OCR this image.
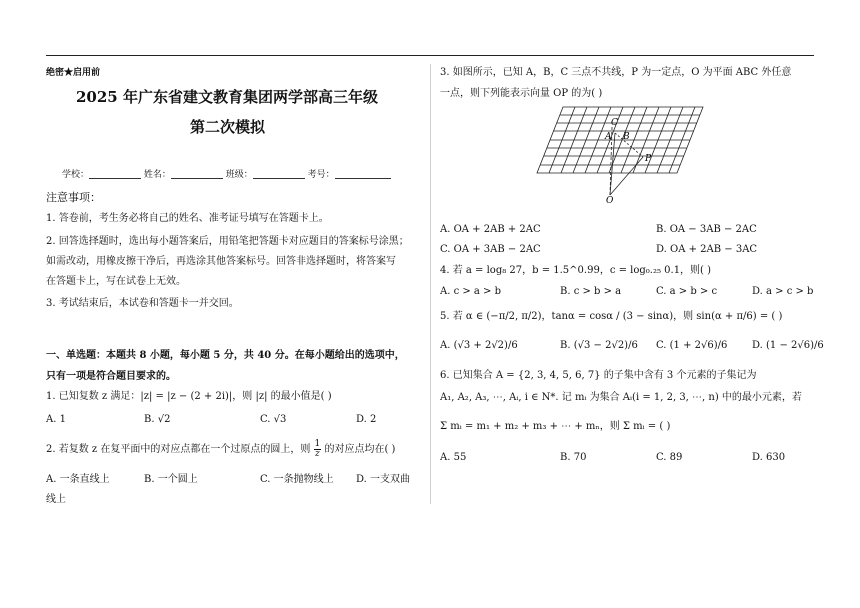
绝密★启用前
2025 年广东省建文教育集团两学部高三年级
第二次模拟
学校：	姓名：	班级：	考号：
注意事项：
1. 答卷前，考生务必将自己的姓名、准考证号填写在答题卡上。
2. 回答选择题时，选出每小题答案后，用铅笔把答题卡对应题目的答案标号涂黑；
如需改动，用橡皮擦干净后，再选涂其他答案标号。回答非选择题时，将答案写
在答题卡上，写在试卷上无效。
3. 考试结束后，本试卷和答题卡一并交回。
一、单选题：本题共 8 小题，每小题 5 分，共 40 分。在每小题给出的选项中，
只有一项是符合题目要求的。
1. 已知复数 z 满足：|z| = |z − (2 + 2i)|，则 |z| 的最小值是( )
A. 1	B. √2	C. √3	D. 2
2. 若复数 z 在复平面中的对应点都在一个过原点的圆上，则 $\frac{1}{z}$ 的对应点均在( )
A. 一条直线上	B. 一个圆上	C. 一条抛物线上 D. 一支双曲
线上
3. 如图所示，已知 A，B，C 三点不共线，P 为一定点，O 为平面 ABC 外任意
一点，则下列能表示向量 OP 的为( )
C
A B
P
O
A. OA + 2AB + 2AC	B. OA − 3AB − 2AC
C. OA + 3AB − 2AC	D. OA + 2AB − 3AC
4. 若 a = log₈ 27，b = 1.5^0.99，c = log₀.₂₅ 0.1，则( )
A. c > a > b	B. c > b > a	C. a > b > c	D. a > c > b
5. 若 α ∈ (−π/2, π/2)，tanα = cosα / (3 − sinα)，则 sin(α + π/6) = ( )
A. (√3 + 2√2)/6	B. (√3 − 2√2)/6 C. (1 + 2√6)/6 D. (1 − 2√6)/6
6. 已知集合 A = {2, 3, 4, 5, 6, 7} 的子集中含有 3 个元素的子集记为
A₁, A₂, A₃, ⋯, Aᵢ, i ∈ N*. 记 mᵢ 为集合 Aᵢ(i = 1, 2, 3, ⋯, n) 中的最小元素，若
Σ mᵢ = m₁ + m₂ + m₃ + ⋯ + mₙ，则 Σ mᵢ = ( )
A. 55	B. 70	C. 89	D. 630
